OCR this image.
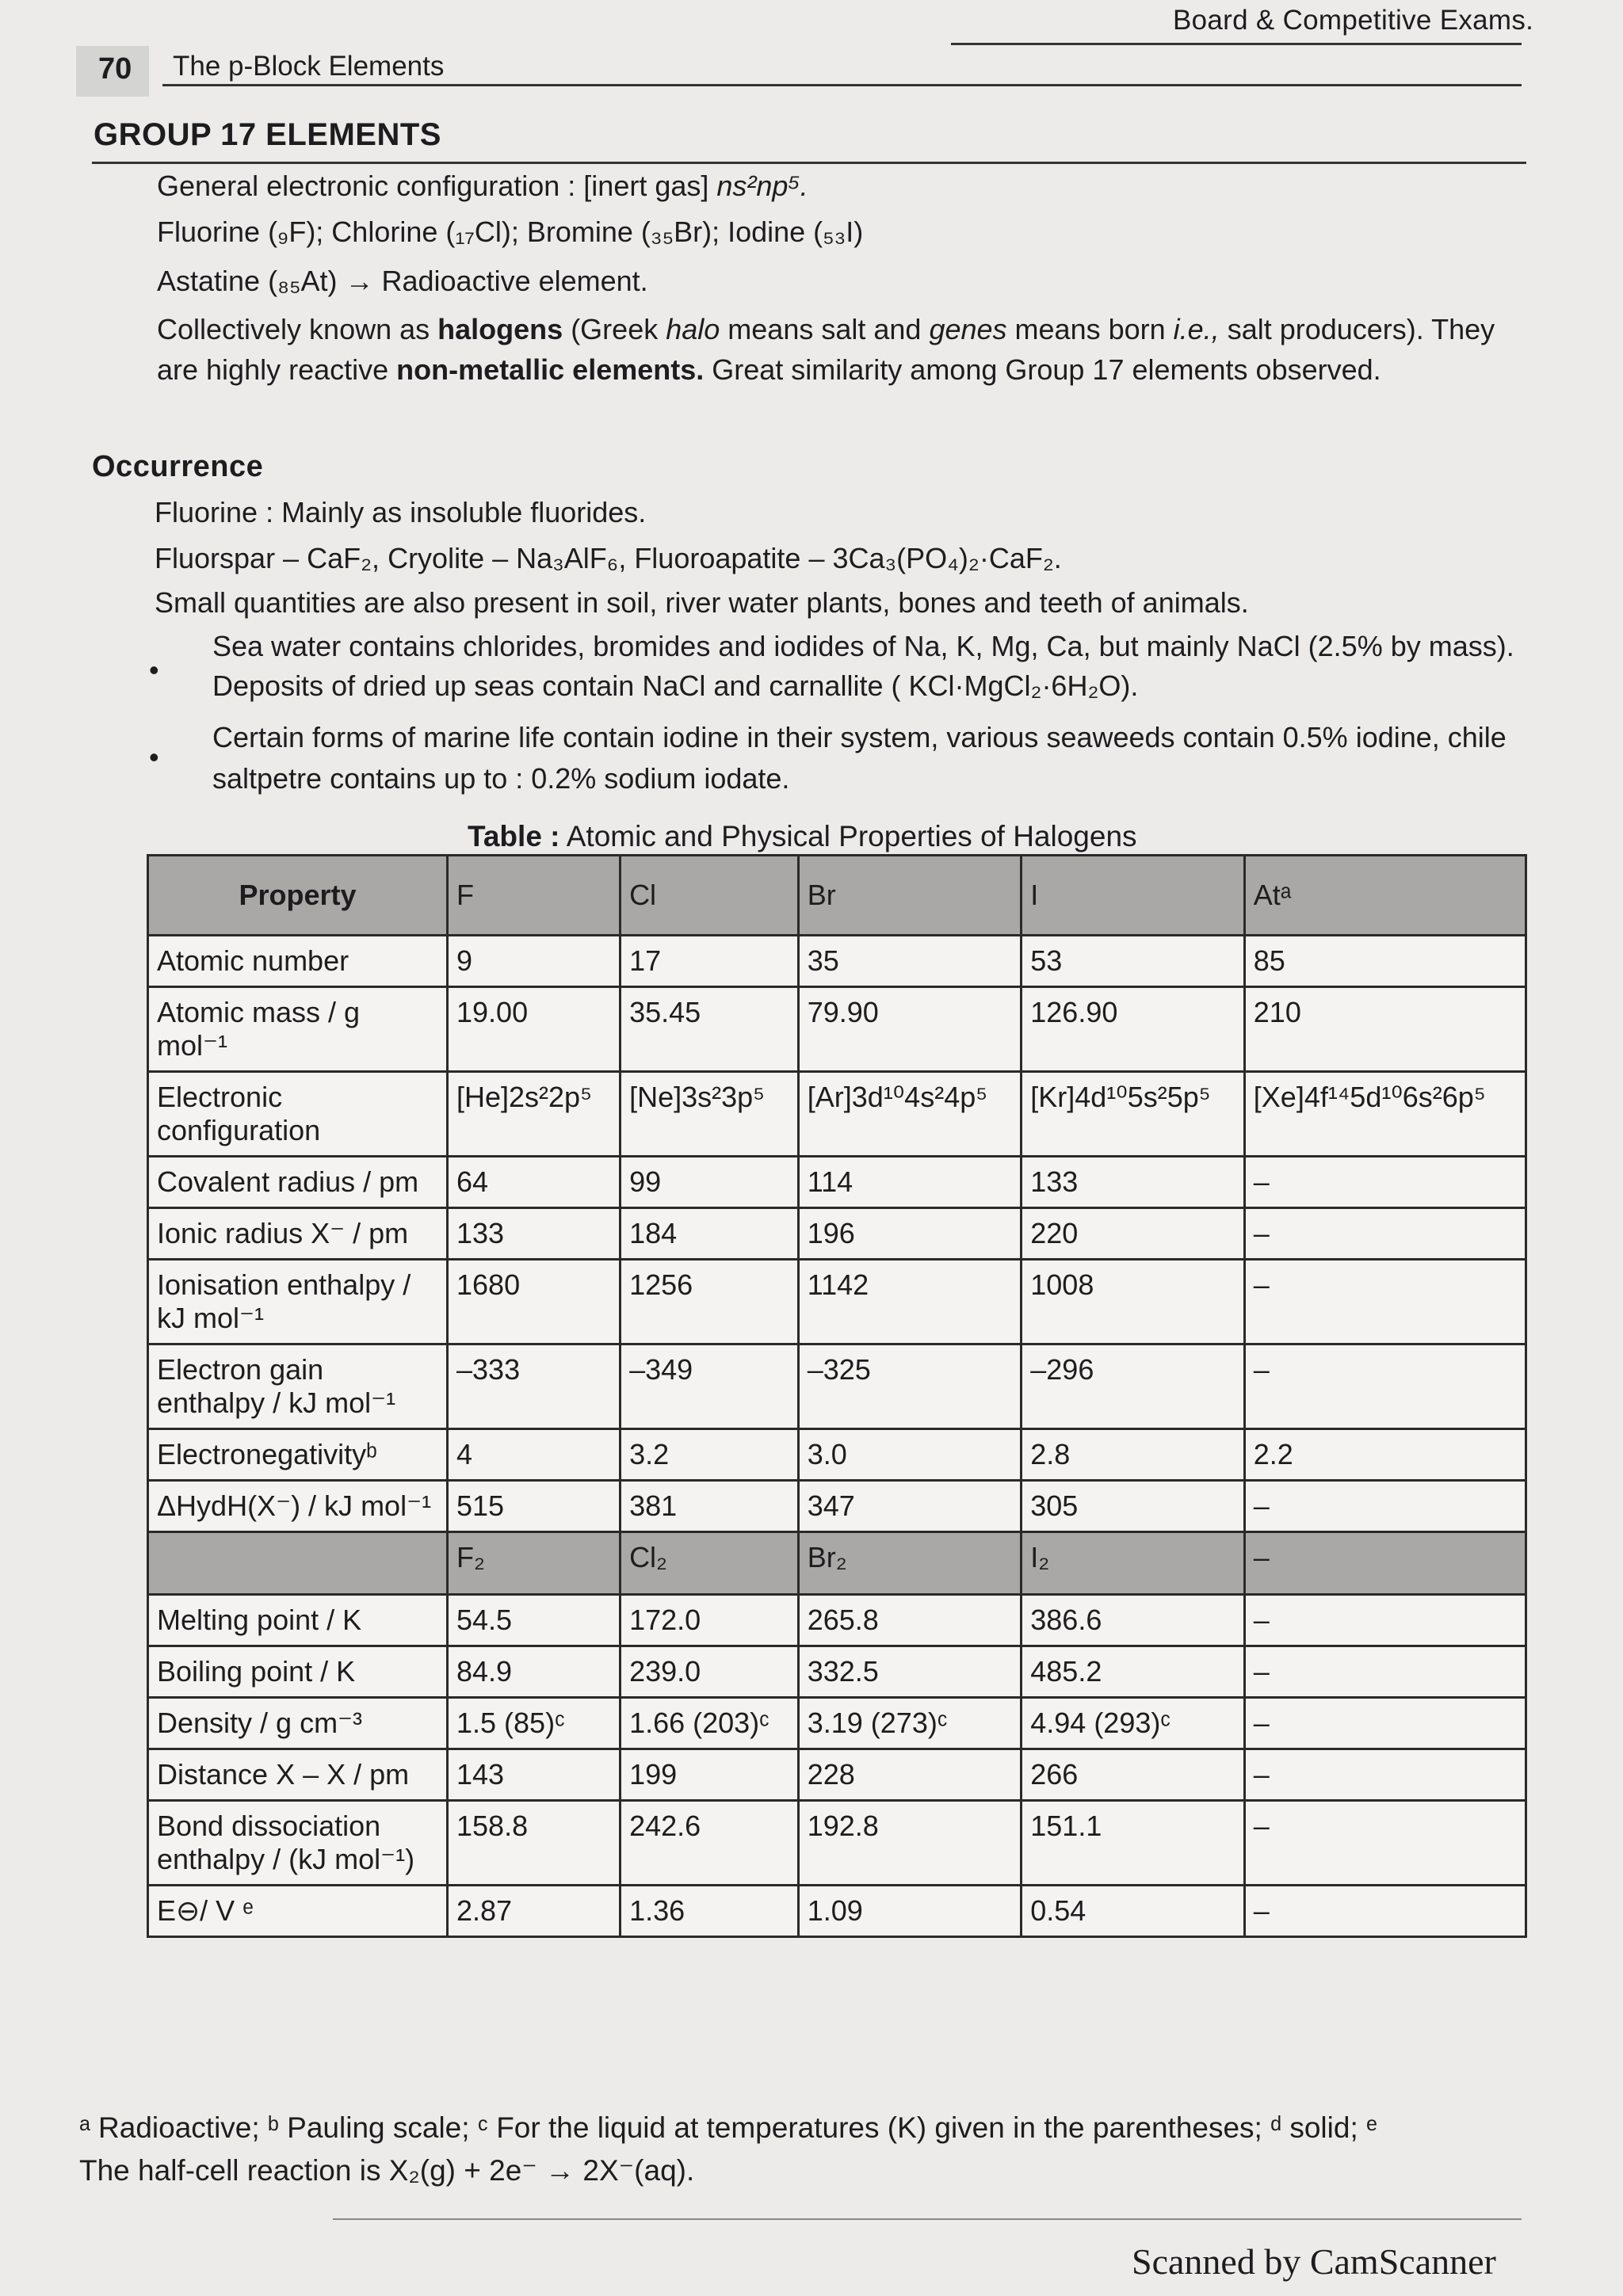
Board & Competitive Exams.
70 The p-Block Elements
GROUP 17 ELEMENTS
General electronic configuration : [inert gas] ns²np⁵.
Fluorine (₉F); Chlorine (₁₇Cl); Bromine (₃₅Br); Iodine (₅₃I)
Astatine (₈₅At) → Radioactive element.
Collectively known as halogens (Greek halo means salt and genes means born i.e., salt producers). They
are highly reactive non-metallic elements. Great similarity among Group 17 elements observed.
Occurrence
Fluorine : Mainly as insoluble fluorides.
Fluorspar – CaF₂, Cryolite – Na₃AlF₆, Fluoroapatite – 3Ca₃(PO₄)₂·CaF₂.
Small quantities are also present in soil, river water plants, bones and teeth of animals.
•
Sea water contains chlorides, bromides and iodides of Na, K, Mg, Ca, but mainly NaCl (2.5% by mass).
Deposits of dried up seas contain NaCl and carnallite ( KCl·MgCl₂·6H₂O).
•
Certain forms of marine life contain iodine in their system, various seaweeds contain 0.5% iodine, chile
saltpetre contains up to : 0.2% sodium iodate.
Table : Atomic and Physical Properties of Halogens
Property	F	Cl	Br	I	Atᵃ
Atomic number	9	17	35	53	85
Atomic mass / g mol⁻¹	19.00	35.45	79.90	126.90	210
Electronic configuration	[He]2s²2p⁵	[Ne]3s²3p⁵	[Ar]3d¹⁰4s²4p⁵	[Kr]4d¹⁰5s²5p⁵	[Xe]4f¹⁴5d¹⁰6s²6p⁵
Covalent radius / pm	64	99	114	133	–
Ionic radius X⁻ / pm	133	184	196	220	–
Ionisation enthalpy / kJ mol⁻¹	1680	1256	1142	1008	–
Electron gain enthalpy / kJ mol⁻¹	–333	–349	–325	–296	–
Electronegativityᵇ	4	3.2	3.0	2.8	2.2
ΔHydH(X⁻) / kJ mol⁻¹	515	381	347	305	–
	F₂	Cl₂	Br₂	I₂	–
Melting point / K	54.5	172.0	265.8	386.6	–
Boiling point / K	84.9	239.0	332.5	485.2	–
Density / g cm⁻³	1.5 (85)ᶜ	1.66 (203)ᶜ	3.19 (273)ᶜ	4.94 (293)ᶜ	–
Distance X – X / pm	143	199	228	266	–
Bond dissociation enthalpy / (kJ mol⁻¹)	158.8	242.6	192.8	151.1	–
E⊖/ V ᵉ	2.87	1.36	1.09	0.54	–
ᵃ Radioactive; ᵇ Pauling scale; ᶜ For the liquid at temperatures (K) given in the parentheses; ᵈ solid; ᵉ
The half-cell reaction is X₂(g) + 2e⁻ → 2X⁻(aq).
Scanned by CamScanner
